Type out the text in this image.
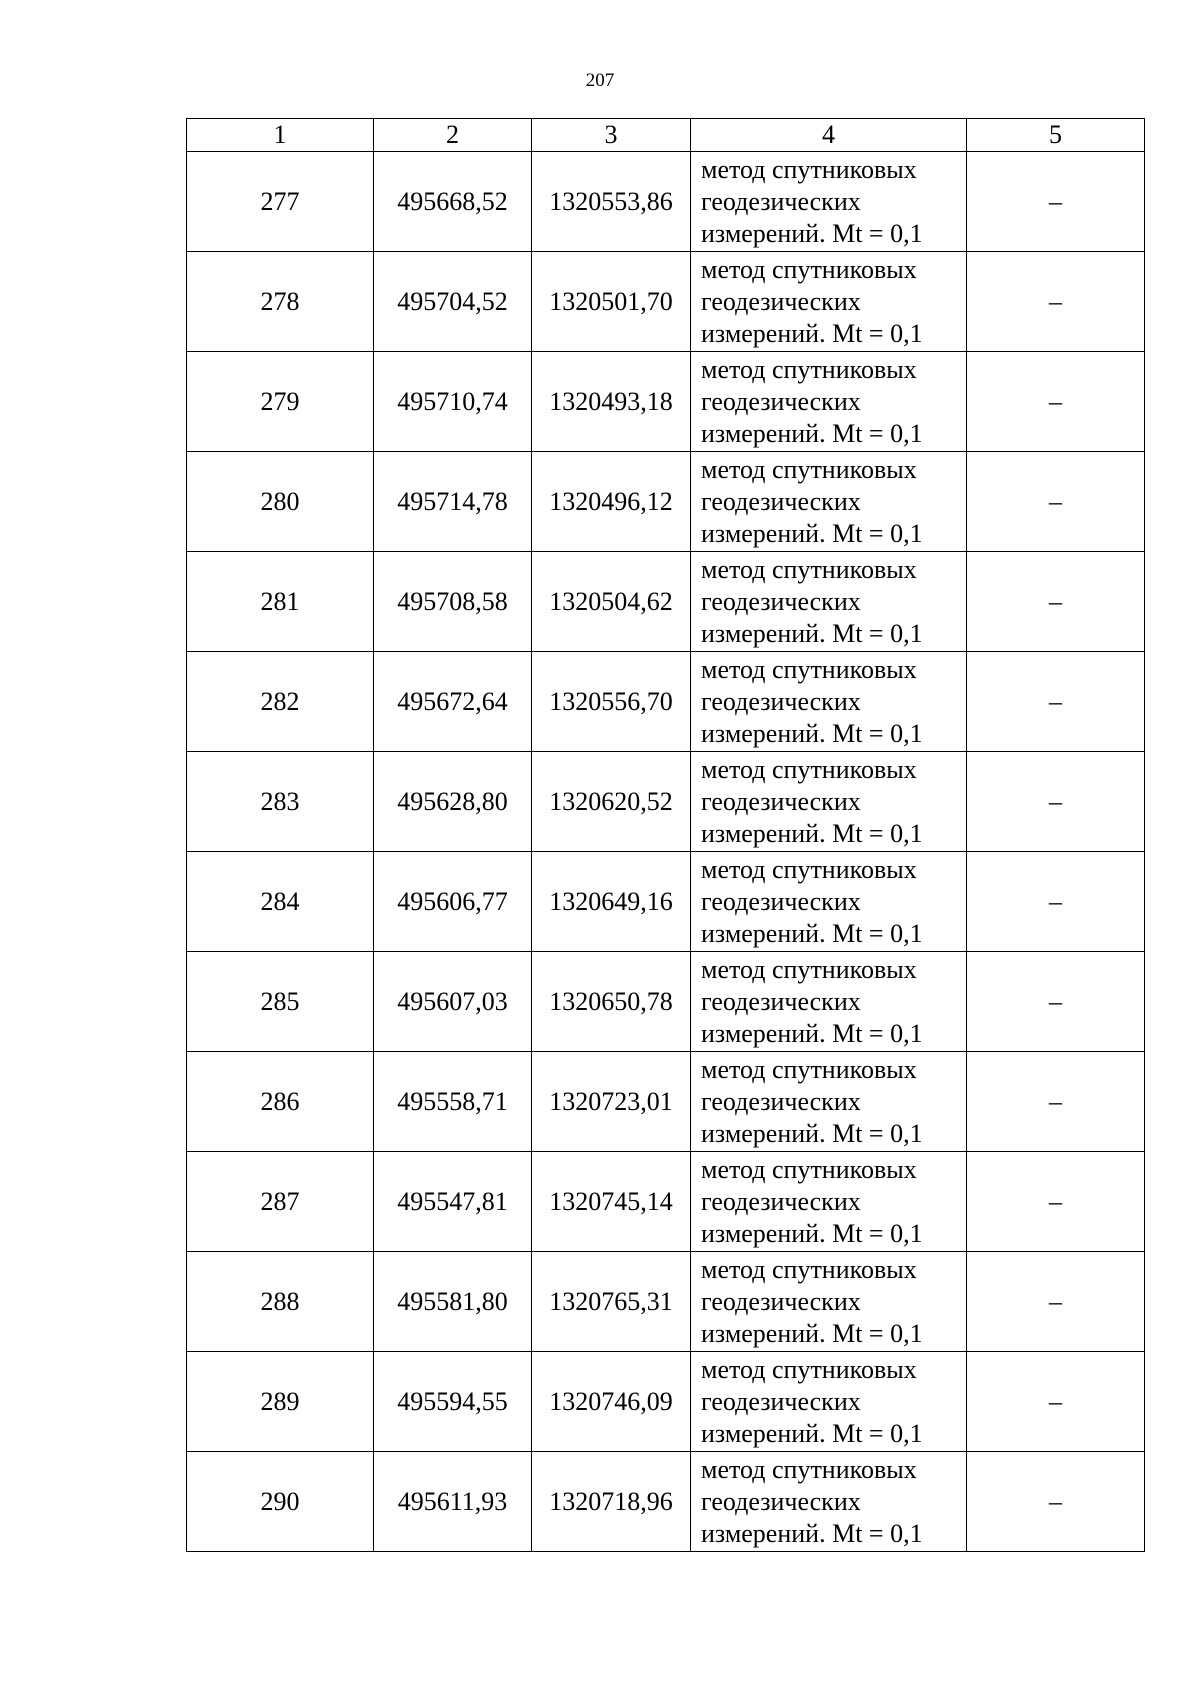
207
1	2	3	4	5
277	495668,52	1320553,86	метод спутниковых
геодезических
измерений. Mt = 0,1	–
278	495704,52	1320501,70	метод спутниковых
геодезических
измерений. Mt = 0,1	–
279	495710,74	1320493,18	метод спутниковых
геодезических
измерений. Mt = 0,1	–
280	495714,78	1320496,12	метод спутниковых
геодезических
измерений. Mt = 0,1	–
281	495708,58	1320504,62	метод спутниковых
геодезических
измерений. Mt = 0,1	–
282	495672,64	1320556,70	метод спутниковых
геодезических
измерений. Mt = 0,1	–
283	495628,80	1320620,52	метод спутниковых
геодезических
измерений. Mt = 0,1	–
284	495606,77	1320649,16	метод спутниковых
геодезических
измерений. Mt = 0,1	–
285	495607,03	1320650,78	метод спутниковых
геодезических
измерений. Mt = 0,1	–
286	495558,71	1320723,01	метод спутниковых
геодезических
измерений. Mt = 0,1	–
287	495547,81	1320745,14	метод спутниковых
геодезических
измерений. Mt = 0,1	–
288	495581,80	1320765,31	метод спутниковых
геодезических
измерений. Mt = 0,1	–
289	495594,55	1320746,09	метод спутниковых
геодезических
измерений. Mt = 0,1	–
290	495611,93	1320718,96	метод спутниковых
геодезических
измерений. Mt = 0,1	–
